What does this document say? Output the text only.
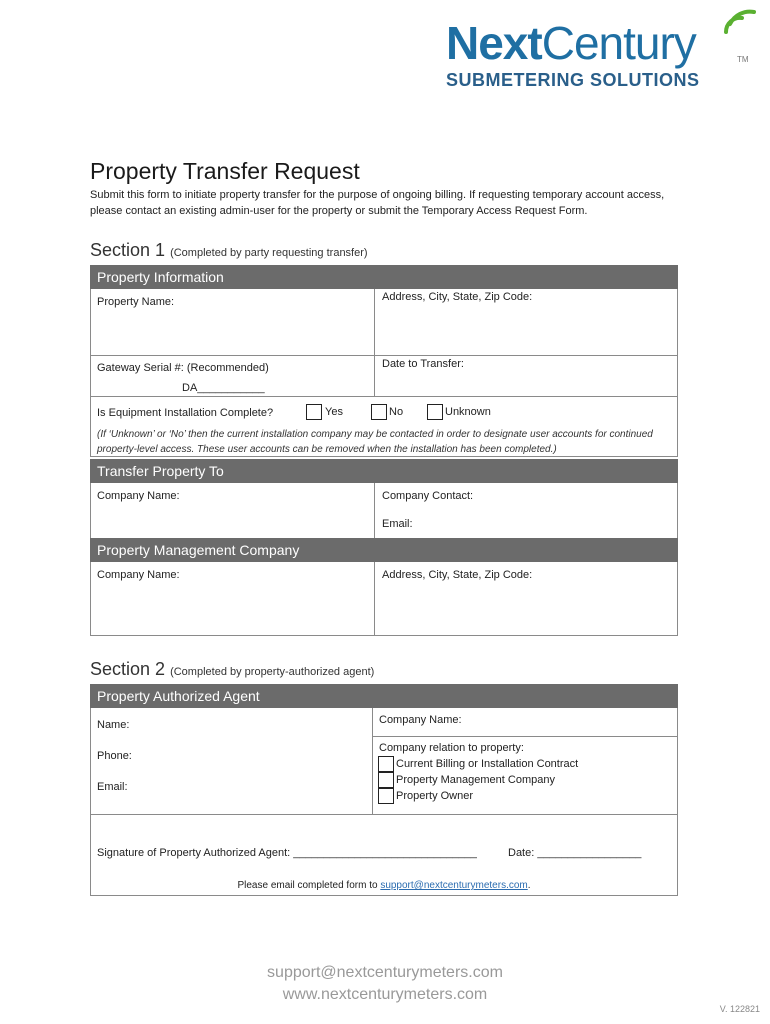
NextCentury	TM
SUBMETERING SOLUTIONS
Property Transfer Request
Submit this form to initiate property transfer for the purpose of ongoing billing. If requesting temporary account access, please contact an existing admin-user for the property or submit the Temporary Access Request Form.
Section 1 (Completed by party requesting transfer)
Property Information
Property Name:	Address, City, State, Zip Code:
Gateway Serial #: (Recommended)	Date to Transfer:
DA___________
Is Equipment Installation Complete?	Yes	No	Unknown
(If ‘Unknown’ or ‘No’ then the current installation company may be contacted in order to designate user accounts for continued property-level access. These user accounts can be removed when the installation has been completed.)
Transfer Property To
Company Name:	Company Contact:
Email:
Property Management Company
Company Name:	Address, City, State, Zip Code:
Section 2 (Completed by property-authorized agent)
Property Authorized Agent
Name:
Phone:
Email:
Company Name:
Company relation to property:
Current Billing or Installation Contract
Property Management Company
Property Owner
Signature of Property Authorized Agent: ______________________________	Date: _________________
Please email completed form to support@nextcenturymeters.com.
support@nextcenturymeters.com
www.nextcenturymeters.com
V. 122821
